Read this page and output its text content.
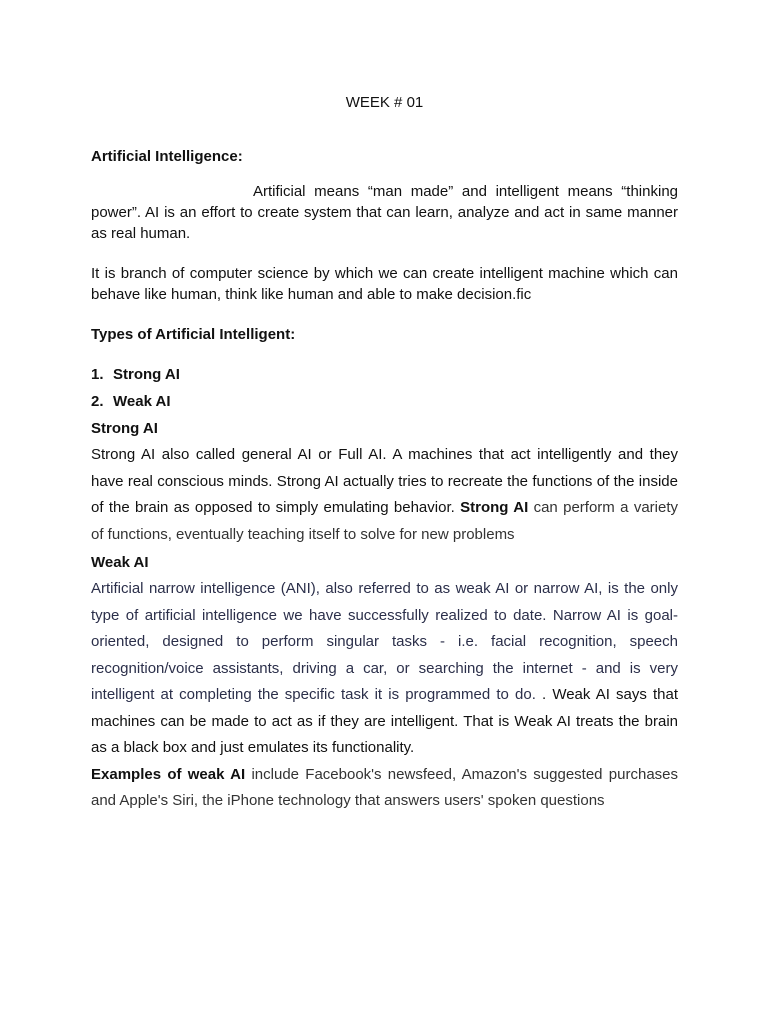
WEEK # 01

Artificial Intelligence:

Artificial means “man made” and intelligent means “thinking power”. AI is an effort to create system that can learn, analyze and act in same manner as real human.

It is branch of computer science by which we can create intelligent machine which can behave like human, think like human and able to make decision.fic

Types of Artificial Intelligent:

1. Strong AI
2. Weak AI

Strong AI

Strong AI also called general AI or Full AI. A machines that act intelligently and they have real conscious minds. Strong AI actually tries to recreate the functions of the inside of the brain as opposed to simply emulating behavior. Strong AI can perform a variety of functions, eventually teaching itself to solve for new problems

Weak AI

Artificial narrow intelligence (ANI), also referred to as weak AI or narrow AI, is the only type of artificial intelligence we have successfully realized to date. Narrow AI is goal-oriented, designed to perform singular tasks - i.e. facial recognition, speech recognition/voice assistants, driving a car, or searching the internet - and is very intelligent at completing the specific task it is programmed to do. . Weak AI says that machines can be made to act as if they are intelligent. That is Weak AI treats the brain as a black box and just emulates its functionality.

Examples of weak AI include Facebook's newsfeed, Amazon's suggested purchases and Apple's Siri, the iPhone technology that answers users' spoken questions
